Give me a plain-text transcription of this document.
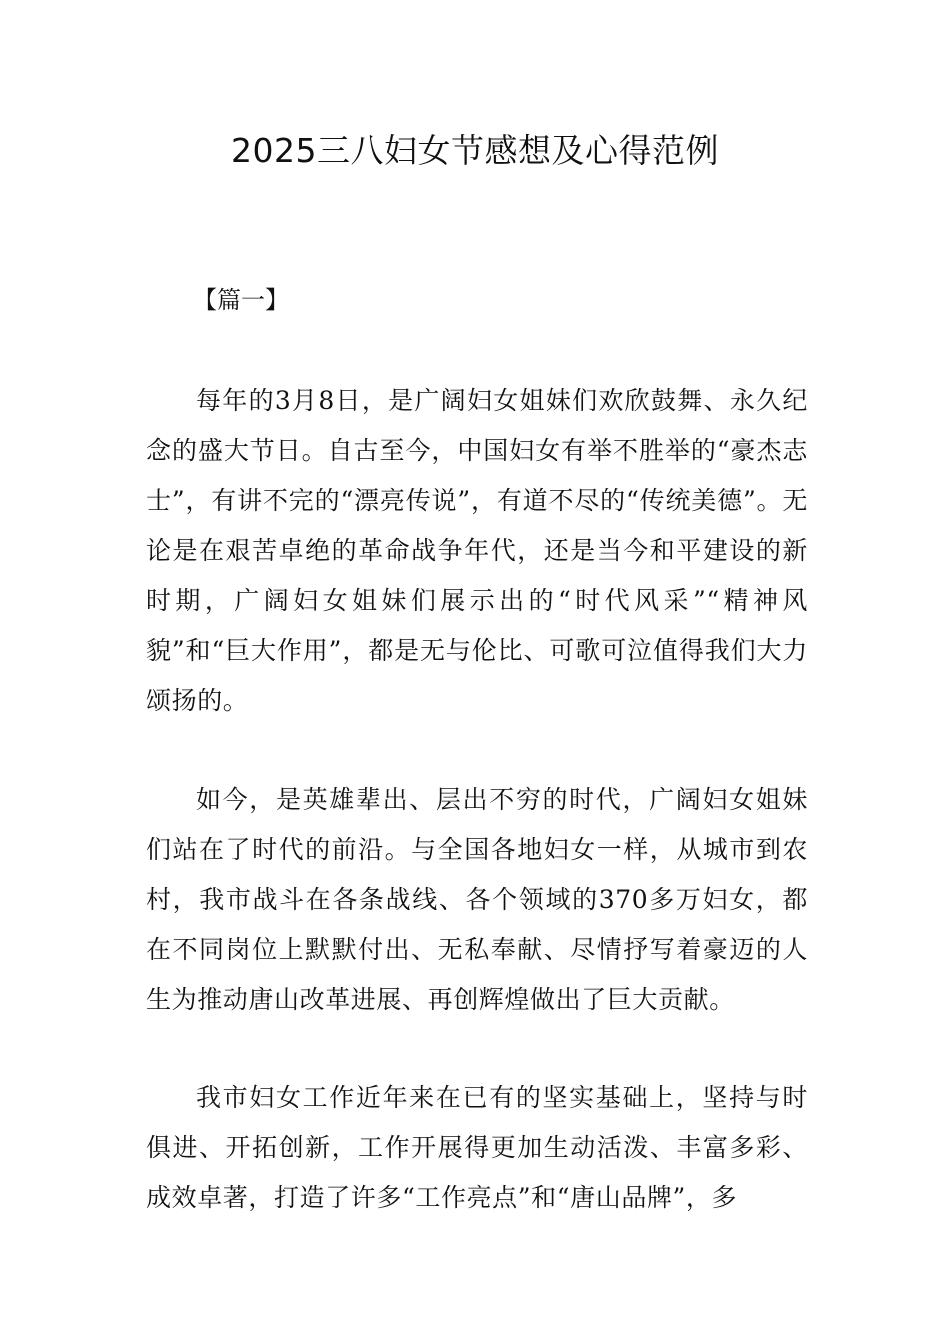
2025三八妇女节感想及心得范例
【篇一】

每年的3月8日，是广阔妇女姐妹们欢欣鼓舞、永久纪念的盛大节日。自古至今，中国妇女有举不胜举的“豪杰志士”，有讲不完的“漂亮传说”，有道不尽的“传统美德”。无论是在艰苦卓绝的革命战争年代，还是当今和平建设的新时期，广阔妇女姐妹们展示出的“时代风采”“精神风貌”和“巨大作用”，都是无与伦比、可歌可泣值得我们大力颂扬的。

如今，是英雄辈出、层出不穷的时代，广阔妇女姐妹们站在了时代的前沿。与全国各地妇女一样，从城市到农村，我市战斗在各条战线、各个领域的370多万妇女，都在不同岗位上默默付出、无私奉献、尽情抒写着豪迈的人生为推动唐山改革进展、再创辉煌做出了巨大贡献。

我市妇女工作近年来在已有的坚实基础上，坚持与时俱进、开拓创新，工作开展得更加生动活泼、丰富多彩、成效卓著，打造了许多“工作亮点”和“唐山品牌”，多
